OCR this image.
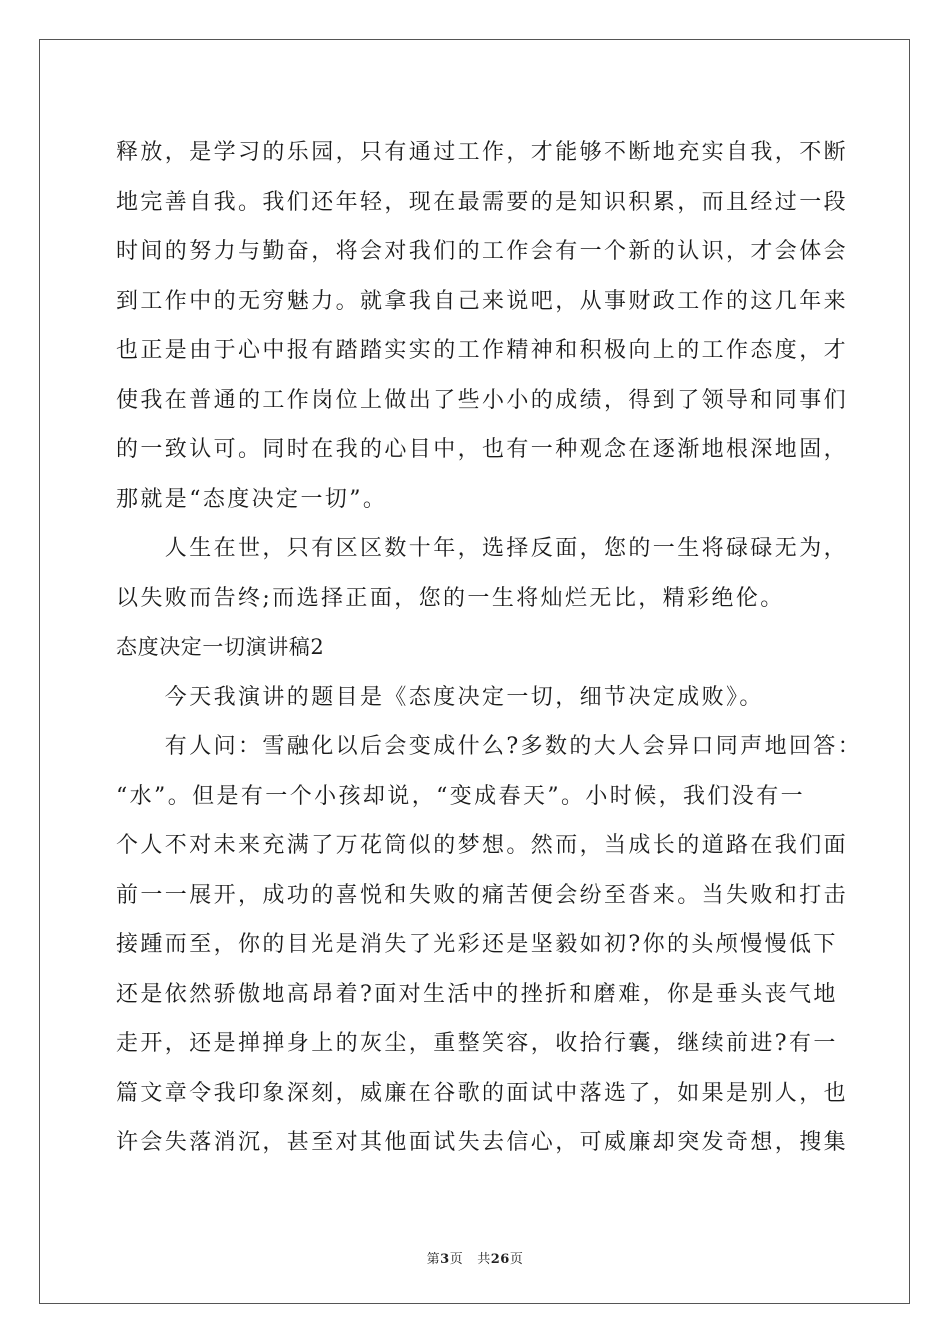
释放，是学习的乐园，只有通过工作，才能够不断地充实自我，不断
地完善自我。我们还年轻，现在最需要的是知识积累，而且经过一段
时间的努力与勤奋，将会对我们的工作会有一个新的认识，才会体会
到工作中的无穷魅力。就拿我自己来说吧，从事财政工作的这几年来
也正是由于心中报有踏踏实实的工作精神和积极向上的工作态度，才
使我在普通的工作岗位上做出了些小小的成绩，得到了领导和同事们
的一致认可。同时在我的心目中，也有一种观念在逐渐地根深地固，
那就是“态度决定一切”。
　　人生在世，只有区区数十年，选择反面，您的一生将碌碌无为，
以失败而告终;而选择正面，您的一生将灿烂无比，精彩绝伦。
态度决定一切演讲稿2
　　今天我演讲的题目是《态度决定一切，细节决定成败》。
　　有人问：雪融化以后会变成什么?多数的大人会异口同声地回答：
“水”。但是有一个小孩却说，“变成春天”。小时候，我们没有一
个人不对未来充满了万花筒似的梦想。然而，当成长的道路在我们面
前一一展开，成功的喜悦和失败的痛苦便会纷至沓来。当失败和打击
接踵而至，你的目光是消失了光彩还是坚毅如初?你的头颅慢慢低下
还是依然骄傲地高昂着?面对生活中的挫折和磨难，你是垂头丧气地
走开，还是掸掸身上的灰尘，重整笑容，收拾行囊，继续前进?有一
篇文章令我印象深刻，威廉在谷歌的面试中落选了，如果是别人，也
许会失落消沉，甚至对其他面试失去信心，可威廉却突发奇想，搜集
第3页 共26页
